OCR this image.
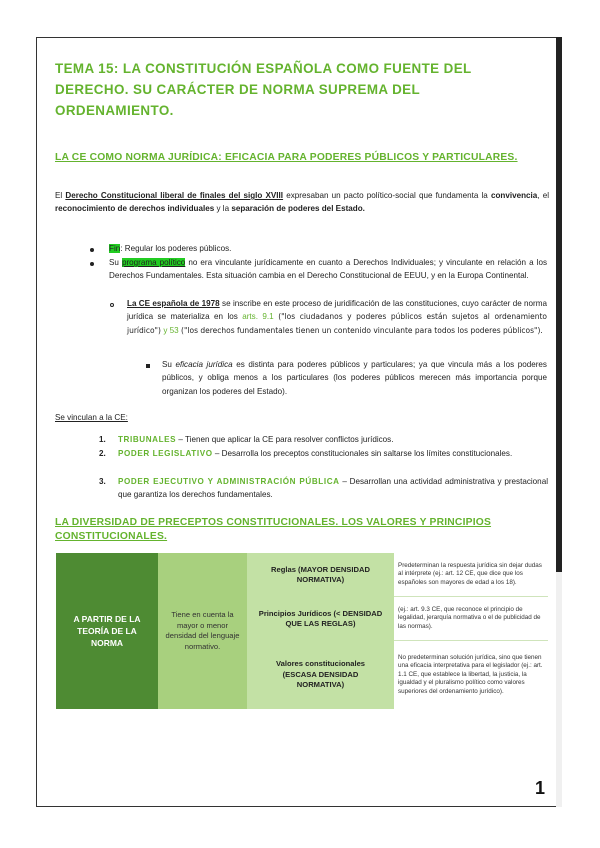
TEMA 15: LA CONSTITUCIÓN ESPAÑOLA COMO FUENTE DEL DERECHO. SU CARÁCTER DE NORMA SUPREMA DEL ORDENAMIENTO.
LA CE COMO NORMA JURÍDICA: EFICACIA PARA PODERES PÚBLICOS Y PARTICULARES.
El Derecho Constitucional liberal de finales del siglo XVIII expresaban un pacto político-social que fundamenta la convivencia, el reconocimiento de derechos individuales y la separación de poderes del Estado.
Fin: Regular los poderes públicos.
Su programa político no era vinculante jurídicamente en cuanto a Derechos Individuales; y vinculante en relación a los Derechos Fundamentales. Esta situación cambia en el Derecho Constitucional de EEUU, y en la Europa Continental.
La CE española de 1978 se inscribe en este proceso de juridificación de las constituciones, cuyo carácter de norma jurídica se materializa en los arts. 9.1 ("los ciudadanos y poderes públicos están sujetos al ordenamiento jurídico") y 53 ("los derechos fundamentales tienen un contenido vinculante para todos los poderes públicos").
Su eficacia jurídica es distinta para poderes públicos y particulares; ya que vincula más a los poderes públicos, y obliga menos a los particulares (los poderes públicos merecen más importancia porque organizan los poderes del Estado).
Se vinculan a la CE:
1. TRIBUNALES – Tienen que aplicar la CE para resolver conflictos jurídicos.
2. PODER LEGISLATIVO – Desarrolla los preceptos constitucionales sin saltarse los límites constitucionales.
3. PODER EJECUTIVO Y ADMINISTRACIÓN PÚBLICA – Desarrollan una actividad administrativa y prestacional que garantiza los derechos fundamentales.
LA DIVERSIDAD DE PRECEPTOS CONSTITUCIONALES. LOS VALORES Y PRINCIPIOS CONSTITUCIONALES.
A PARTIR DE LA TEORÍA DE LA NORMA
Tiene en cuenta la mayor o menor densidad del lenguaje normativo.
Reglas (MAYOR DENSIDAD NORMATIVA)
Predeterminan la respuesta jurídica sin dejar dudas al intérprete (ej.: art. 12 CE, que dice que los españoles son mayores de edad a los 18).
Principios Jurídicos (< DENSIDAD QUE LAS REGLAS)
(ej.: art. 9.3 CE, que reconoce el principio de legalidad, jerarquía normativa o el de publicidad de las normas).
Valores constitucionales (ESCASA DENSIDAD NORMATIVA)
No predeterminan solución jurídica, sino que tienen una eficacia interpretativa para el legislador (ej.: art. 1.1 CE, que establece la libertad, la justicia, la igualdad y el pluralismo político como valores superiores del ordenamiento jurídico).
1
